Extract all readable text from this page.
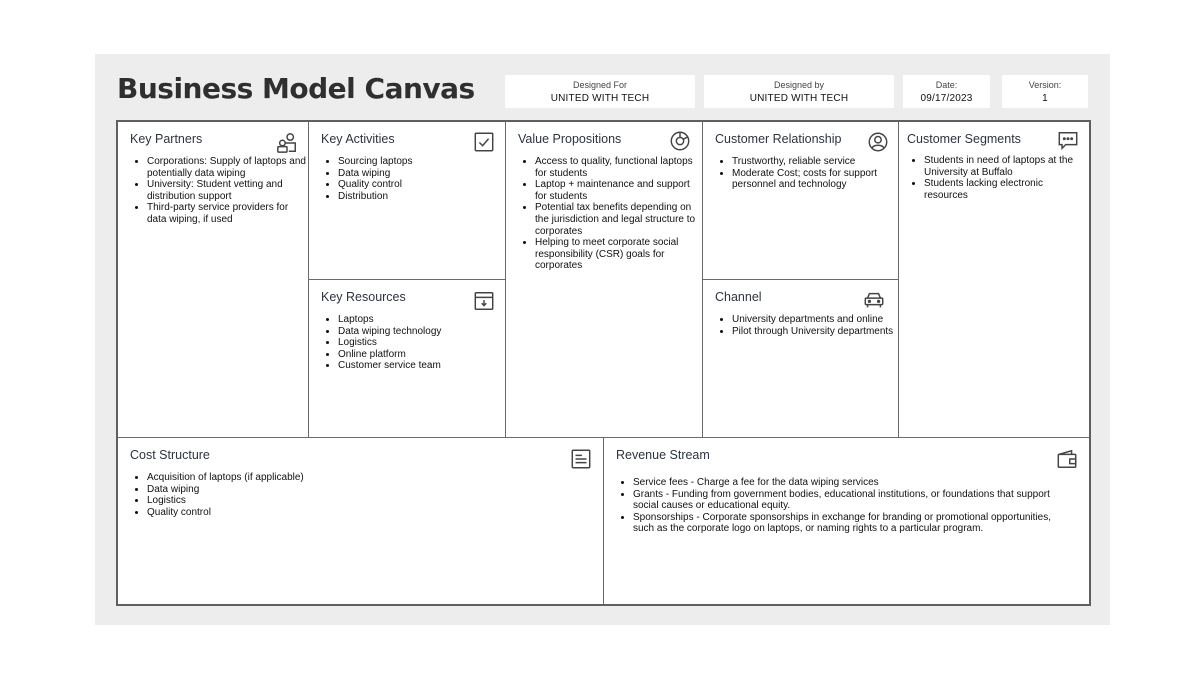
Business Model Canvas	Designed For
UNITED WITH TECH
Designed by
UNITED WITH TECH
Date:
09/17/2023
Version:
1
Key Partners
• Corporations: Supply of laptops and potentially data wiping
• University: Student vetting and distribution support
• Third-party service providers for data wiping, if used
Key Activities
• Sourcing laptops
• Data wiping
• Quality control
• Distribution
Key Resources
• Laptops
• Data wiping technology
• Logistics
• Online platform
• Customer service team
Value Propositions
• Access to quality, functional laptops for students
• Laptop + maintenance and support for students
• Potential tax benefits depending on the jurisdiction and legal structure to corporates
• Helping to meet corporate social responsibility (CSR) goals for corporates
Customer Relationship
• Trustworthy, reliable service
• Moderate Cost; costs for support personnel and technology
Channel
• University departments and online
• Pilot through University departments
Customer Segments
• Students in need of laptops at the University at Buffalo
• Students lacking electronic resources
Cost Structure
• Acquisition of laptops (if applicable)
• Data wiping
• Logistics
• Quality control
Revenue Stream
• Service fees - Charge a fee for the data wiping services
• Grants - Funding from government bodies, educational institutions, or foundations that support social causes or educational equity.
• Sponsorships - Corporate sponsorships in exchange for branding or promotional opportunities, such as the corporate logo on laptops, or naming rights to a particular program.
